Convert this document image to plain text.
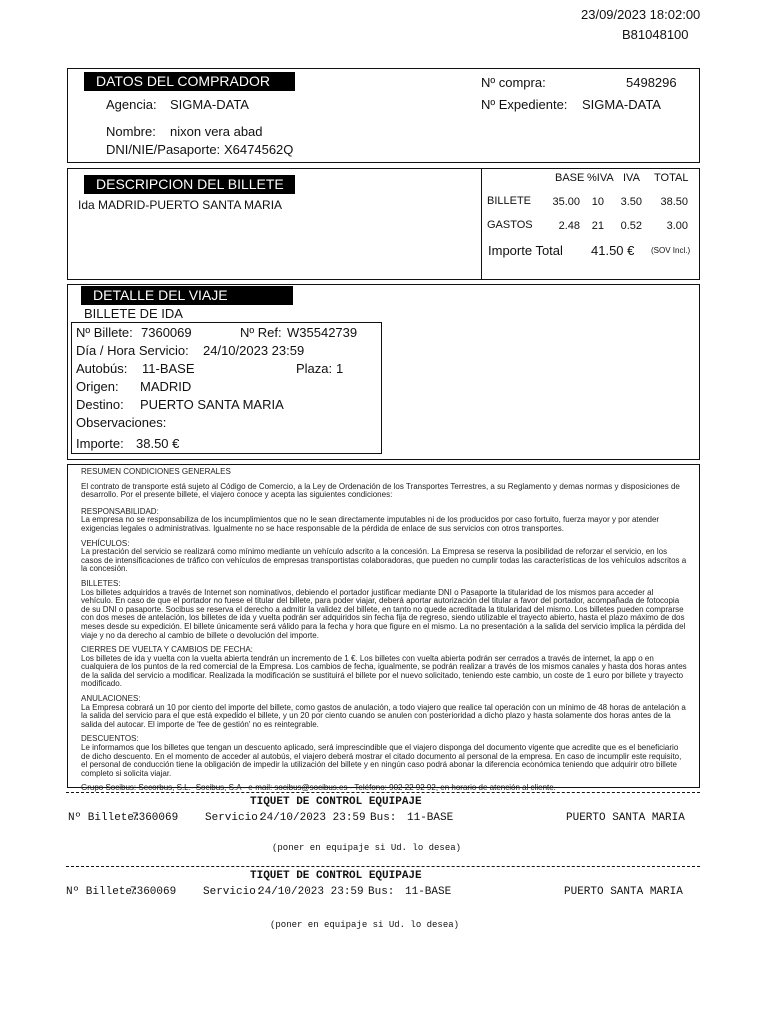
23/09/2023 18:02:00
B81048100
DATOS DEL COMPRADOR
Agencia: SIGMA-DATA
Nombre: nixon vera abad
DNI/NIE/Pasaporte: X6474562Q
Nº compra:	5498296
Nº Expediente: SIGMA-DATA
DESCRIPCION DEL BILLETE
Ida MADRID-PUERTO SANTA MARIA
BASE %IVA IVA TOTAL
BILLETE	35.00	10	3.50	38.50
GASTOS	2.48	21	0.52	3.00
Importe Total 41.50 € (SOV Incl.)
DETALLE DEL VIAJE
BILLETE DE IDA
Nº Billete: 7360069	Nº Ref: W35542739
Día / Hora Servicio: 24/10/2023 23:59
Autobús: 11-BASE	Plaza: 1
Origen: MADRID
Destino: PUERTO SANTA MARIA
Observaciones:
Importe: 38.50 €

RESUMEN CONDICIONES GENERALES

El contrato de transporte está sujeto al Código de Comercio, a la Ley de Ordenación de los Transportes Terrestres, a su Reglamento y demas normas y disposiciones de desarrollo. Por el presente billete, el viajero conoce y acepta las siguientes condiciones:

RESPONSABILIDAD:

La empresa no se responsabiliza de los incumplimientos que no le sean directamente imputables ni de los producidos por caso fortuito, fuerza mayor y por atender exigencias legales o administrativas. Igualmente no se hace responsable de la pérdida de enlace de sus servicios con otros transportes.

VEHÍCULOS:

La prestación del servicio se realizará como mínimo mediante un vehículo adscrito a la concesión. La Empresa se reserva la posibilidad de reforzar el servicio, en los casos de intensificaciones de tráfico con vehículos de empresas transportistas colaboradoras, que pueden no cumplir todas las características de los vehículos adscritos a la concesión.

BILLETES:

Los billetes adquiridos a través de Internet son nominativos, debiendo el portador justificar mediante DNI o Pasaporte la titularidad de los mismos para acceder al vehículo. En caso de que el portador no fuese el titular del billete, para poder viajar, deberá aportar autorización del titular a favor del portador, acompañada de fotocopia de su DNI o pasaporte. Socibus se reserva el derecho a admitir la validez del billete, en tanto no quede acreditada la titularidad del mismo. Los billetes pueden comprarse con dos meses de antelación, los billetes de ida y vuelta podrán ser adquiridos sin fecha fija de regreso, siendo utilizable el trayecto abierto, hasta el plazo máximo de dos meses desde su expedición. El billete únicamente será válido para la fecha y hora que figure en el mismo. La no presentación a la salida del servicio implica la pérdida del viaje y no da derecho al cambio de billete o devolución del importe.

CIERRES DE VUELTA Y CAMBIOS DE FECHA:

Los billetes de ida y vuelta con la vuelta abierta tendrán un incremento de 1 €. Los billetes con vuelta abierta podrán ser cerrados a través de internet, la app o en cualquiera de los puntos de la red comercial de la Empresa. Los cambios de fecha, igualmente, se podrán realizar a través de los mismos canales y hasta dos horas antes de la salida del servicio a modificar. Realizada la modificación se sustituirá el billete por el nuevo solicitado, teniendo este cambio, un coste de 1 euro por billete y trayecto modificado.

ANULACIONES:

La Empresa cobrará un 10 por ciento del importe del billete, como gastos de anulación, a todo viajero que realice tal operación con un mínimo de 48 horas de antelación a la salida del servicio para el que está expedido el billete, y un 20 por ciento cuando se anulen con posterioridad a dicho plazo y hasta solamente dos horas antes de la salida del autocar. El importe de 'fee de gestión' no es reintegrable.

DESCUENTOS:

Le informamos que los billetes que tengan un descuento aplicado, será imprescindible que el viajero disponga del documento vigente que acredite que es el beneficiario de dicho descuento. En el momento de acceder al autobús, el viajero deberá mostrar el citado documento al personal de la empresa. En caso de incumplir este requisito, el personal de conducción tiene la obligación de impedir la utilización del billete y en ningún caso podrá abonar la diferencia económica teniendo que adquirir otro billete completo si solicita viajar.

Grupo Socibus: Secorbus, S.L.- Socibus, S.A - e-mail: socibus@socibus.es - Teléfono: 902 22 92 92, en horario de atención al cliente.

TIQUET DE CONTROL EQUIPAJE
Nº Billete:
7360069 Servicio:
24/10/2023 23:59 Bus: 11-BASE	PUERTO SANTA MARIA
(poner en equipaje si Ud. lo desea)
TIQUET DE CONTROL EQUIPAJE
Nº Billete:
7360069 Servicio:
24/10/2023 23:59 Bus: 11-BASE	PUERTO SANTA MARIA
(poner en equipaje si Ud. lo desea)
